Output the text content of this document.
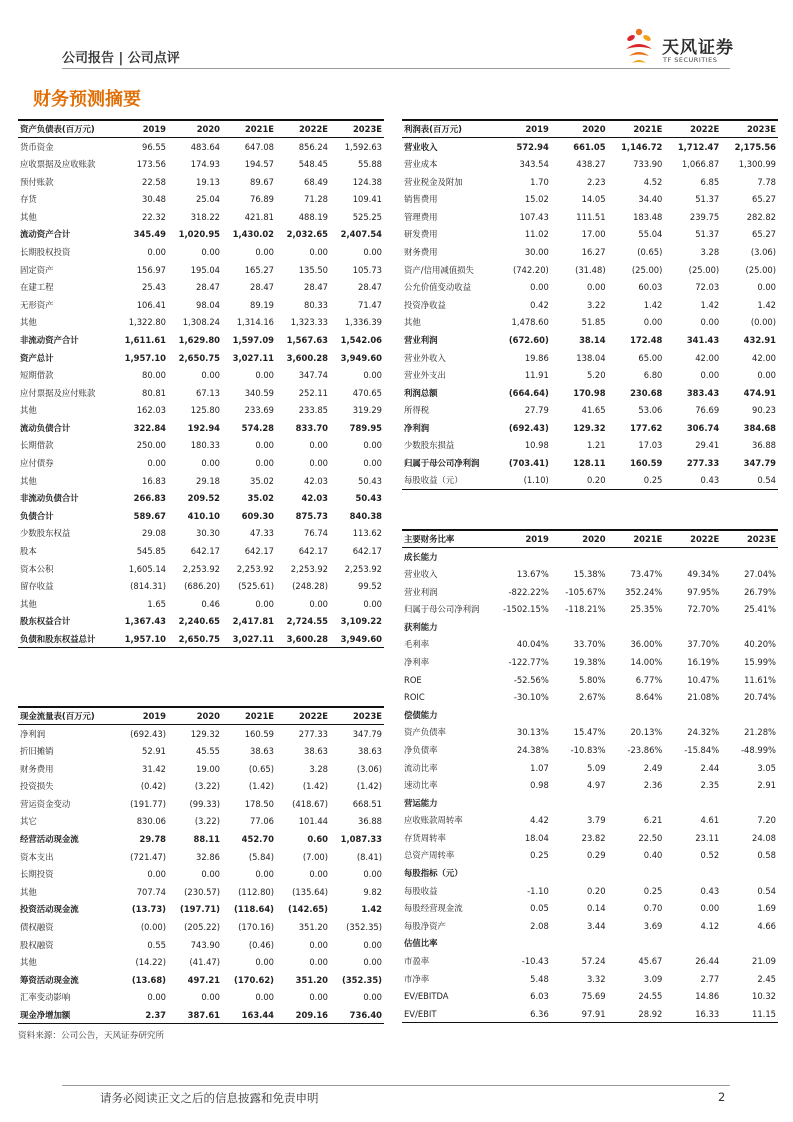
公司报告 | 公司点评
天风证券
TF SECURITIES
财务预测摘要
资产负债表(百万元)	2019	2020	2021E	2022E	2023E
货币资金	96.55	483.64	647.08	856.24	1,592.63
应收票据及应收账款	173.56	174.93	194.57	548.45	55.88
预付账款	22.58	19.13	89.67	68.49	124.38
存货	30.48	25.04	76.89	71.28	109.41
其他	22.32	318.22	421.81	488.19	525.25
流动资产合计	345.49	1,020.95	1,430.02	2,032.65	2,407.54
长期股权投资	0.00	0.00	0.00	0.00	0.00
固定资产	156.97	195.04	165.27	135.50	105.73
在建工程	25.43	28.47	28.47	28.47	28.47
无形资产	106.41	98.04	89.19	80.33	71.47
其他	1,322.80	1,308.24	1,314.16	1,323.33	1,336.39
非流动资产合计	1,611.61	1,629.80	1,597.09	1,567.63	1,542.06
资产总计	1,957.10	2,650.75	3,027.11	3,600.28	3,949.60
短期借款	80.00	0.00	0.00	347.74	0.00
应付票据及应付账款	80.81	67.13	340.59	252.11	470.65
其他	162.03	125.80	233.69	233.85	319.29
流动负债合计	322.84	192.94	574.28	833.70	789.95
长期借款	250.00	180.33	0.00	0.00	0.00
应付债券	0.00	0.00	0.00	0.00	0.00
其他	16.83	29.18	35.02	42.03	50.43
非流动负债合计	266.83	209.52	35.02	42.03	50.43
负债合计	589.67	410.10	609.30	875.73	840.38
少数股东权益	29.08	30.30	47.33	76.74	113.62
股本	545.85	642.17	642.17	642.17	642.17
资本公积	1,605.14	2,253.92	2,253.92	2,253.92	2,253.92
留存收益	(814.31)	(686.20)	(525.61)	(248.28)	99.52
其他	1.65	0.46	0.00	0.00	0.00
股东权益合计	1,367.43	2,240.65	2,417.81	2,724.55	3,109.22
负债和股东权益总计	1,957.10	2,650.75	3,027.11	3,600.28	3,949.60
利润表(百万元)	2019	2020	2021E	2022E	2023E
营业收入	572.94	661.05	1,146.72	1,712.47	2,175.56
营业成本	343.54	438.27	733.90	1,066.87	1,300.99
营业税金及附加	1.70	2.23	4.52	6.85	7.78
销售费用	15.02	14.05	34.40	51.37	65.27
管理费用	107.43	111.51	183.48	239.75	282.82
研发费用	11.02	17.00	55.04	51.37	65.27
财务费用	30.00	16.27	(0.65)	3.28	(3.06)
资产/信用减值损失	(742.20)	(31.48)	(25.00)	(25.00)	(25.00)
公允价值变动收益	0.00	0.00	60.03	72.03	0.00
投资净收益	0.42	3.22	1.42	1.42	1.42
其他	1,478.60	51.85	0.00	0.00	(0.00)
营业利润	(672.60)	38.14	172.48	341.43	432.91
营业外收入	19.86	138.04	65.00	42.00	42.00
营业外支出	11.91	5.20	6.80	0.00	0.00
利润总额	(664.64)	170.98	230.68	383.43	474.91
所得税	27.79	41.65	53.06	76.69	90.23
净利润	(692.43)	129.32	177.62	306.74	384.68
少数股东损益	10.98	1.21	17.03	29.41	36.88
归属于母公司净利润	(703.41)	128.11	160.59	277.33	347.79
每股收益（元）	(1.10)	0.20	0.25	0.43	0.54
主要财务比率	2019	2020	2021E	2022E	2023E
成长能力					
营业收入	13.67%	15.38%	73.47%	49.34%	27.04%
营业利润	-822.22%	-105.67%	352.24%	97.95%	26.79%
归属于母公司净利润	-1502.15%	-118.21%	25.35%	72.70%	25.41%
获利能力					
毛利率	40.04%	33.70%	36.00%	37.70%	40.20%
净利率	-122.77%	19.38%	14.00%	16.19%	15.99%
ROE	-52.56%	5.80%	6.77%	10.47%	11.61%
ROIC	-30.10%	2.67%	8.64%	21.08%	20.74%
偿债能力					
资产负债率	30.13%	15.47%	20.13%	24.32%	21.28%
净负债率	24.38%	-10.83%	-23.86%	-15.84%	-48.99%
流动比率	1.07	5.09	2.49	2.44	3.05
速动比率	0.98	4.97	2.36	2.35	2.91
营运能力					
应收账款周转率	4.42	3.79	6.21	4.61	7.20
存货周转率	18.04	23.82	22.50	23.11	24.08
总资产周转率	0.25	0.29	0.40	0.52	0.58
每股指标（元）					
每股收益	-1.10	0.20	0.25	0.43	0.54
每股经营现金流	0.05	0.14	0.70	0.00	1.69
每股净资产	2.08	3.44	3.69	4.12	4.66
估值比率					
市盈率	-10.43	57.24	45.67	26.44	21.09
市净率	5.48	3.32	3.09	2.77	2.45
EV/EBITDA	6.03	75.69	24.55	14.86	10.32
EV/EBIT	6.36	97.91	28.92	16.33	11.15
现金流量表(百万元)	2019	2020	2021E	2022E	2023E
净利润	(692.43)	129.32	160.59	277.33	347.79
折旧摊销	52.91	45.55	38.63	38.63	38.63
财务费用	31.42	19.00	(0.65)	3.28	(3.06)
投资损失	(0.42)	(3.22)	(1.42)	(1.42)	(1.42)
营运资金变动	(191.77)	(99.33)	178.50	(418.67)	668.51
其它	830.06	(3.22)	77.06	101.44	36.88
经营活动现金流	29.78	88.11	452.70	0.60	1,087.33
资本支出	(721.47)	32.86	(5.84)	(7.00)	(8.41)
长期投资	0.00	0.00	0.00	0.00	0.00
其他	707.74	(230.57)	(112.80)	(135.64)	9.82
投资活动现金流	(13.73)	(197.71)	(118.64)	(142.65)	1.42
债权融资	(0.00)	(205.22)	(170.16)	351.20	(352.35)
股权融资	0.55	743.90	(0.46)	0.00	0.00
其他	(14.22)	(41.47)	0.00	0.00	0.00
筹资活动现金流	(13.68)	497.21	(170.62)	351.20	(352.35)
汇率变动影响	0.00	0.00	0.00	0.00	0.00
现金净增加额	2.37	387.61	163.44	209.16	736.40
资料来源：公司公告，天风证券研究所
请务必阅读正文之后的信息披露和免责申明	2
